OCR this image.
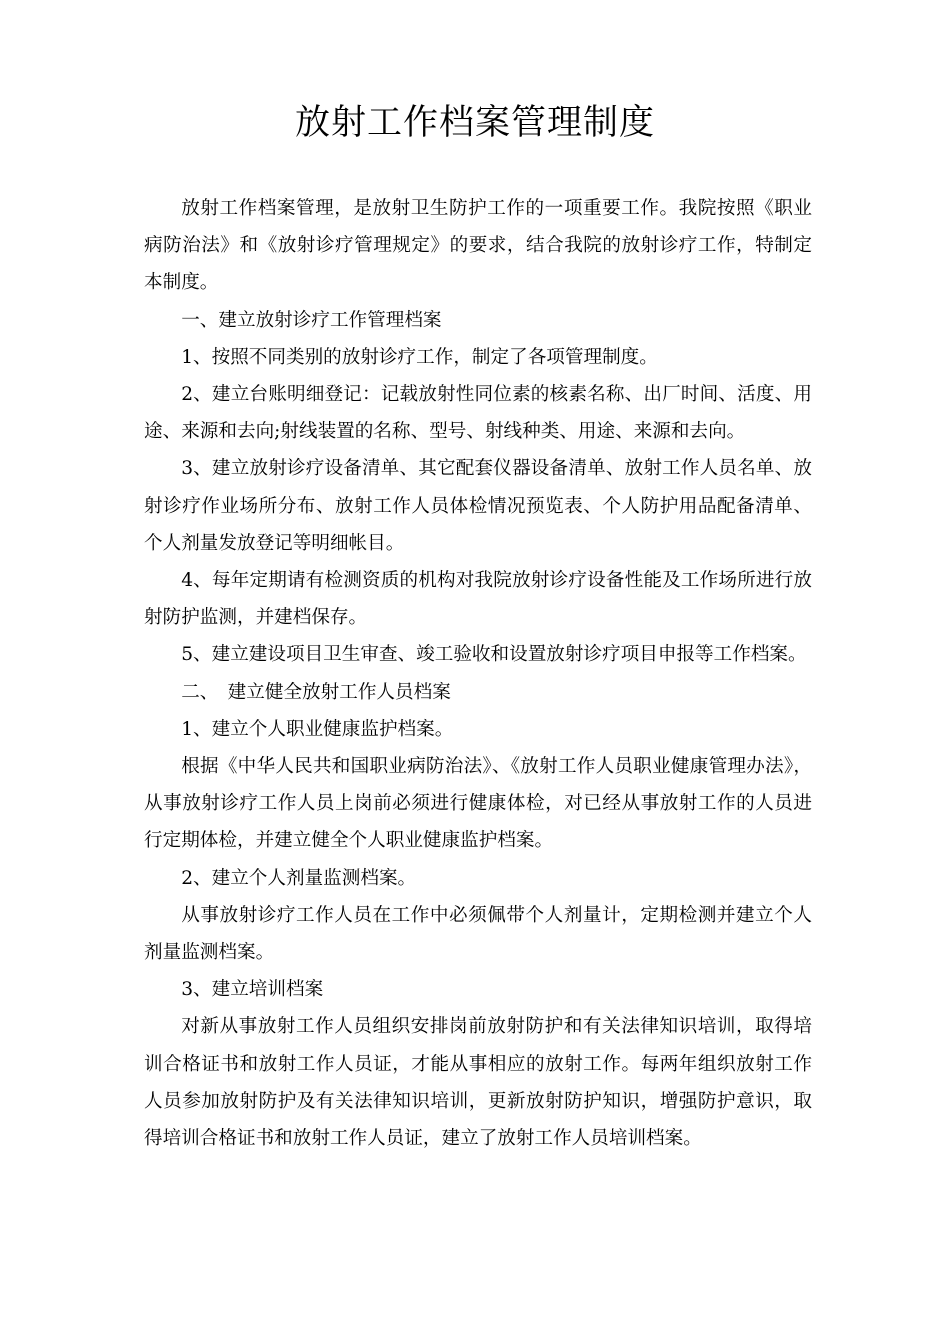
放射工作档案管理制度

放射工作档案管理，是放射卫生防护工作的一项重要工作。我院按照《职业病防治法》和《放射诊疗管理规定》的要求，结合我院的放射诊疗工作，特制定本制度。

一、建立放射诊疗工作管理档案

1、按照不同类别的放射诊疗工作，制定了各项管理制度。

2、建立台账明细登记：记载放射性同位素的核素名称、出厂时间、活度、用途、来源和去向;射线装置的名称、型号、射线种类、用途、来源和去向。

3、建立放射诊疗设备清单、其它配套仪器设备清单、放射工作人员名单、放射诊疗作业场所分布、放射工作人员体检情况预览表、个人防护用品配备清单、个人剂量发放登记等明细帐目。

4、每年定期请有检测资质的机构对我院放射诊疗设备性能及工作场所进行放射防护监测，并建档保存。

5、建立建设项目卫生审查、竣工验收和设置放射诊疗项目申报等工作档案。

二、　建立健全放射工作人员档案

1、建立个人职业健康监护档案。

根据《中华人民共和国职业病防治法》、《放射工作人员职业健康管理办法》，从事放射诊疗工作人员上岗前必须进行健康体检，对已经从事放射工作的人员进行定期体检，并建立健全个人职业健康监护档案。

2、建立个人剂量监测档案。

从事放射诊疗工作人员在工作中必须佩带个人剂量计，定期检测并建立个人剂量监测档案。

3、建立培训档案

对新从事放射工作人员组织安排岗前放射防护和有关法律知识培训，取得培训合格证书和放射工作人员证，才能从事相应的放射工作。每两年组织放射工作人员参加放射防护及有关法律知识培训，更新放射防护知识，增强防护意识，取得培训合格证书和放射工作人员证，建立了放射工作人员培训档案。
